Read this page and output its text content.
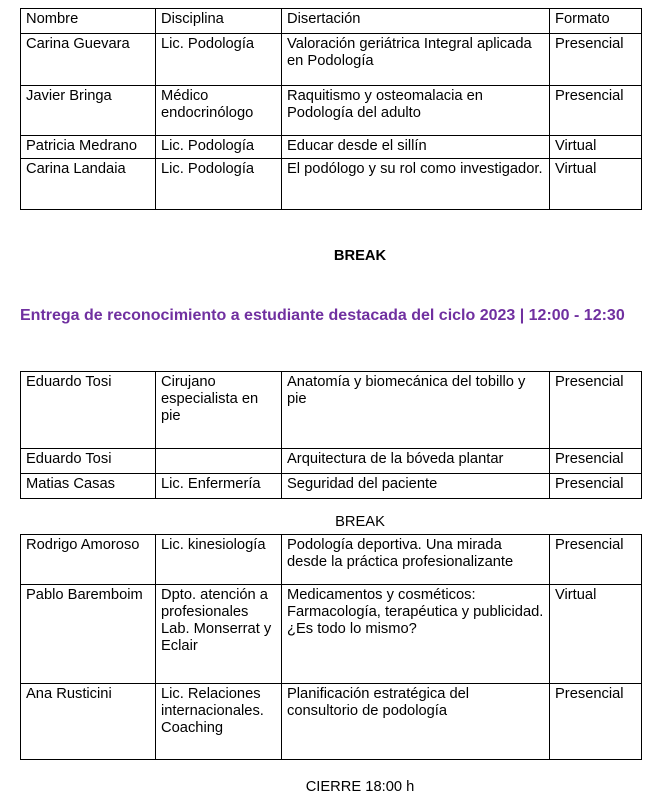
Nombre	Disciplina	Disertación	Formato
Carina Guevara	Lic. Podología	Valoración geriátrica Integral aplicada en Podología	Presencial
Javier Bringa	Médico endocrinólogo	Raquitismo y osteomalacia en Podología del adulto	Presencial
Patricia Medrano	Lic. Podología	Educar desde el sillín	Virtual
Carina Landaia	Lic. Podología	El podólogo y su rol como investigador.	Virtual
BREAK
Entrega de reconocimiento a estudiante destacada del ciclo 2023 | 12:00 - 12:30
Eduardo Tosi	Cirujano especialista en pie	Anatomía y biomecánica del tobillo y pie	Presencial
Eduardo Tosi		Arquitectura de la bóveda plantar	Presencial
Matias Casas	Lic. Enfermería	Seguridad del paciente	Presencial
BREAK
Rodrigo Amoroso	Lic. kinesiología	Podología deportiva. Una mirada desde la práctica profesionalizante	Presencial
Pablo Baremboim	Dpto. atención a profesionales Lab. Monserrat y Eclair	Medicamentos y cosméticos: Farmacología, terapéutica y publicidad. ¿Es todo lo mismo?	Virtual
Ana Rusticini	Lic. Relaciones internacionales. Coaching	Planificación estratégica del consultorio de podología	Presencial
CIERRE 18:00 h
